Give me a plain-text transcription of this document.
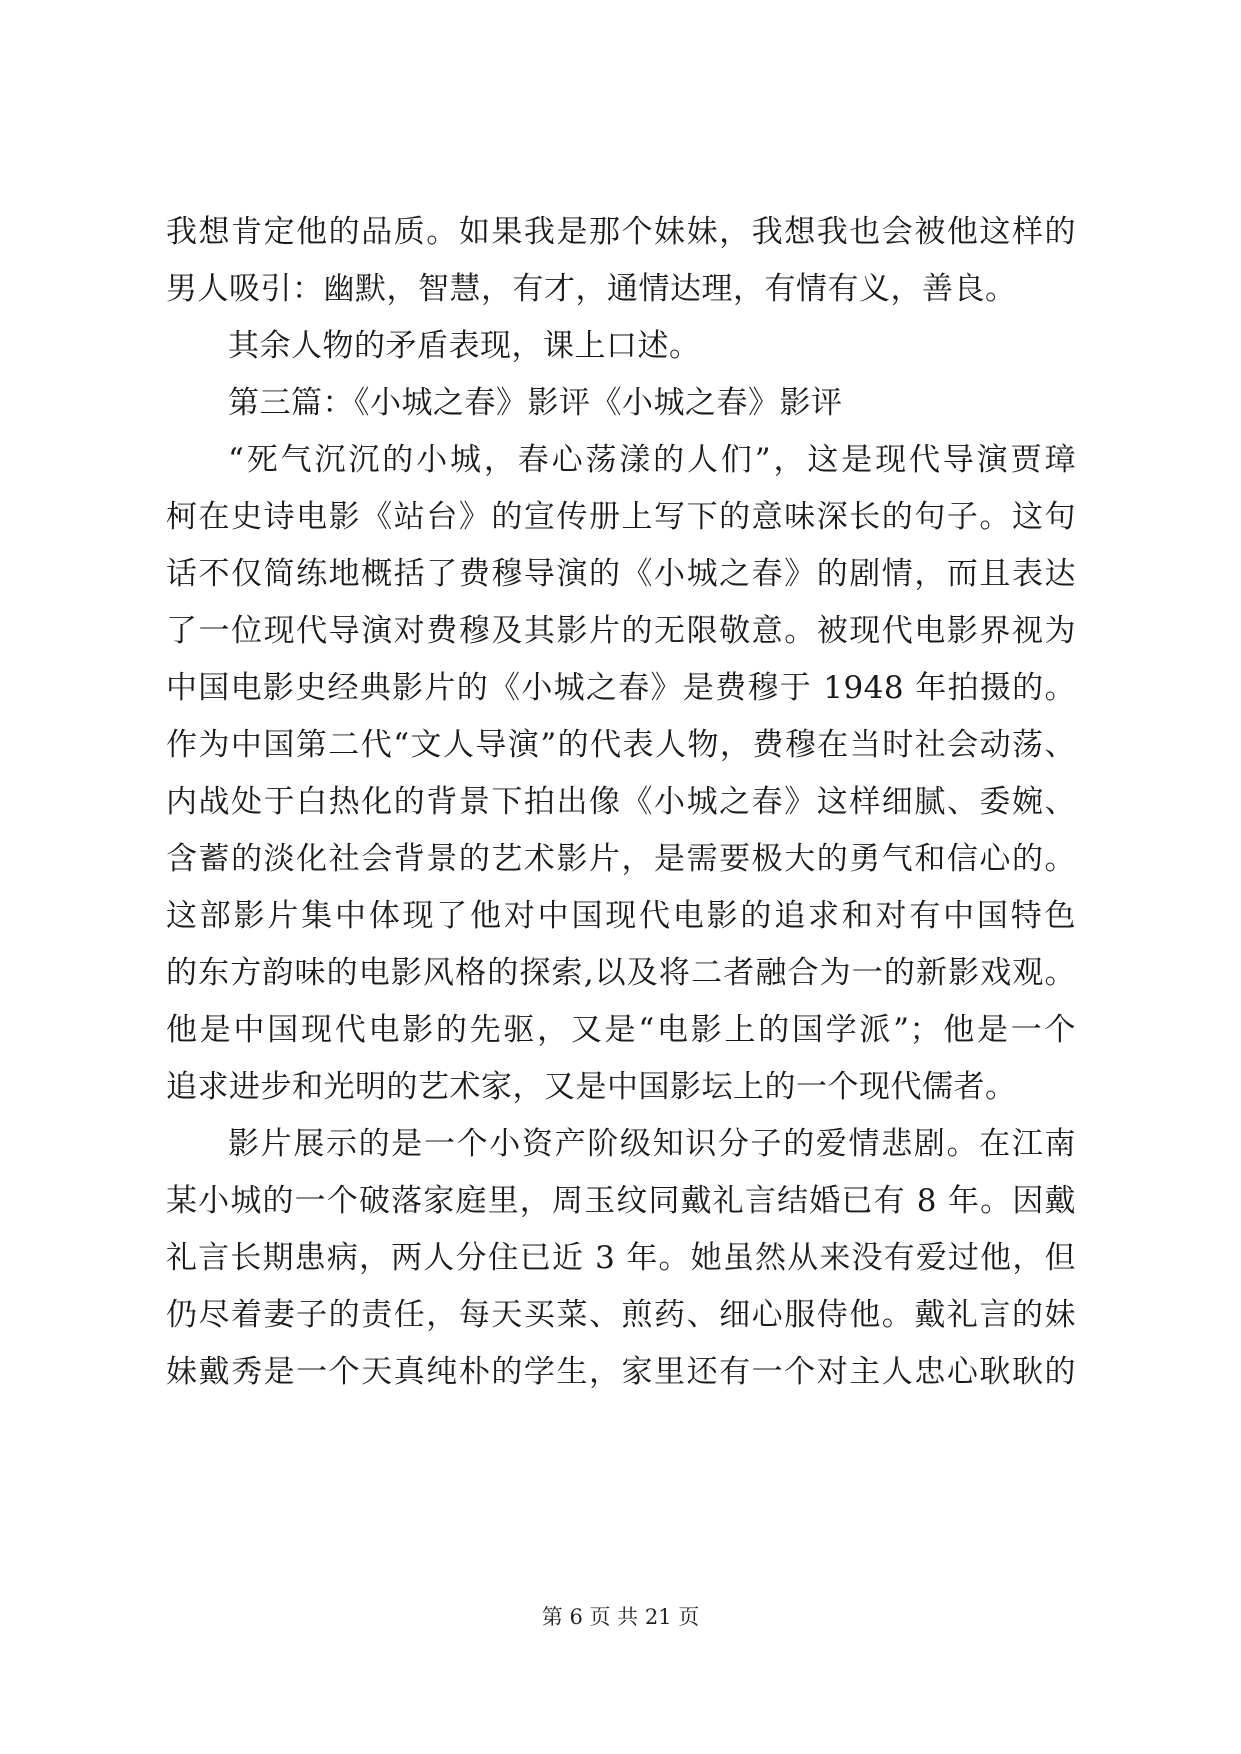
我想肯定他的品质。如果我是那个妹妹，我想我也会被他这样的
男人吸引：幽默，智慧，有才，通情达理，有情有义，善良。
其余人物的矛盾表现，课上口述。
第三篇：《小城之春》影评《小城之春》影评
“死气沉沉的小城，春心荡漾的人们”，这是现代导演贾璋
柯在史诗电影《站台》的宣传册上写下的意味深长的句子。这句
话不仅简练地概括了费穆导演的《小城之春》的剧情，而且表达
了一位现代导演对费穆及其影片的无限敬意。被现代电影界视为
中国电影史经典影片的《小城之春》是费穆于 1948 年拍摄的。
作为中国第二代“文人导演”的代表人物，费穆在当时社会动荡、
内战处于白热化的背景下拍出像《小城之春》这样细腻、委婉、
含蓄的淡化社会背景的艺术影片，是需要极大的勇气和信心的。
这部影片集中体现了他对中国现代电影的追求和对有中国特色
的东方韵味的电影风格的探索,以及将二者融合为一的新影戏观。
他是中国现代电影的先驱，又是“电影上的国学派”；他是一个
追求进步和光明的艺术家，又是中国影坛上的一个现代儒者。
影片展示的是一个小资产阶级知识分子的爱情悲剧。在江南
某小城的一个破落家庭里，周玉纹同戴礼言结婚已有 8 年。因戴
礼言长期患病，两人分住已近 3 年。她虽然从来没有爱过他，但
仍尽着妻子的责任，每天买菜、煎药、细心服侍他。戴礼言的妹
妹戴秀是一个天真纯朴的学生，家里还有一个对主人忠心耿耿的
第 6 页 共 21 页
